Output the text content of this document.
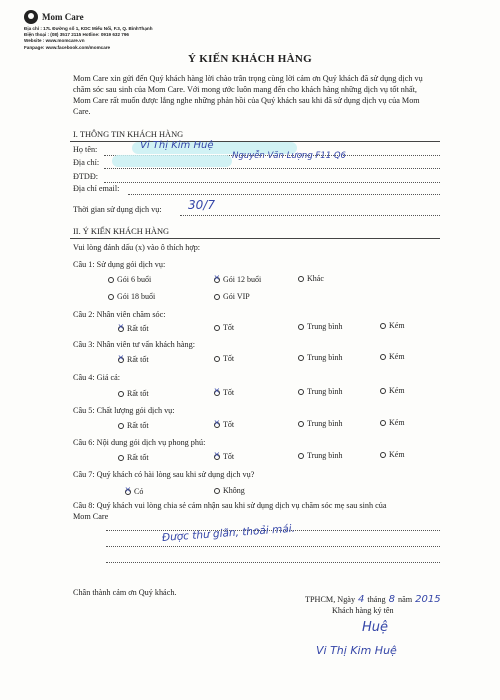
Mom Care
Địa chỉ : 17L Đường số 1, KDC Miếu Nổi, F.3, Q. BìnhThạnh
Điện thoại : (08) 3517 2115 Hotline: 0919 632 796
Website : www.momcare.vn
Fanpage: www.facebook.com/momcare
Ý KIẾN KHÁCH HÀNG
Mom Care xin gửi đến Quý khách hàng lời chào trân trọng cùng lời cảm ơn Quý khách đã sử dụng dịch vụ chăm sóc sau sinh của Mom Care. Với mong ước luôn mang đến cho khách hàng những dịch vụ tốt nhất, Mom Care rất muốn được lắng nghe những phản hồi của Quý khách sau khi đã sử dụng dịch vụ của Mom Care.
I. THÔNG TIN KHÁCH HÀNG
Họ tên:	Vi Thị Kim Huệ
Địa chỉ:
Nguyễn Văn Lượng F11 Q6
ĐTDĐ:
Địa chỉ email:
Thời gian sử dụng dịch vụ: 30/7
II. Ý KIẾN KHÁCH HÀNG
Vui lòng đánh dấu (x) vào ô thích hợp:
Câu 1: Sử dụng gói dịch vụ:
Gói 6 buổi ×	Gói 12 buổi	Khác
Gói 18 buổi	Gói VIP
Câu 2: Nhân viên chăm sóc:
×
Rất tốt	Tốt	Trung bình	Kém
Câu 3: Nhân viên tư vấn khách hàng:
×
Rất tốt	Tốt	Trung bình	Kém
Câu 4: Giá cả:
Rất tốt ×	Tốt	Trung bình	Kém
Câu 5: Chất lượng gói dịch vụ:
Rất tốt ×	Tốt	Trung bình	Kém
Câu 6: Nội dung gói dịch vụ phong phú:
Rất tốt ×	Tốt	Trung bình	Kém
Câu 7: Quý khách có hài lòng sau khi sử dụng dịch vụ?
×
Có	Không
Câu 8: Quý khách vui lòng chia sẻ cảm nhận sau khi sử dụng dịch vụ chăm sóc mẹ sau sinh của
Mom Care
Được thư giãn, thoải mái.
Chân thành cảm ơn Quý khách.
TPHCM, Ngày 4 tháng 8 năm 2015
Khách hàng ký tên
Huệ
Vi Thị Kim Huệ
